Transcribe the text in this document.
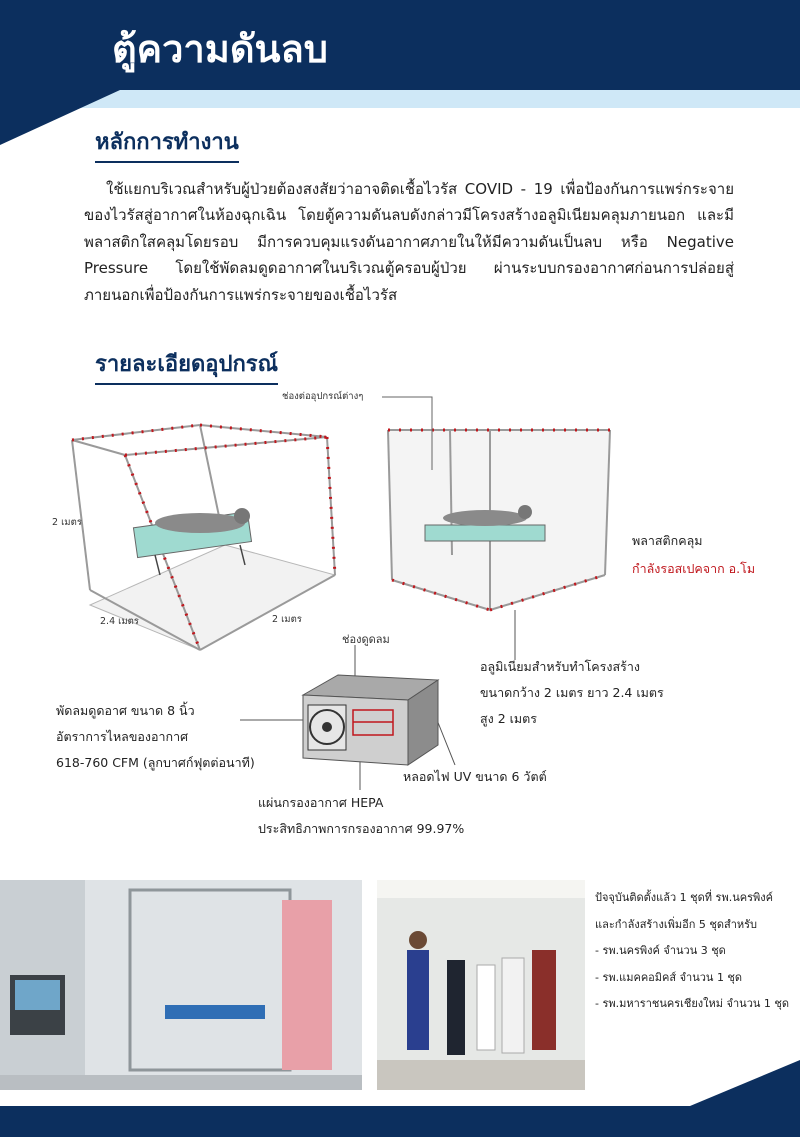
ตู้ความดันลบ
หลักการทำงาน
ใช้แยกบริเวณสำหรับผู้ป่วยต้องสงสัยว่าอาจติดเชื้อไวรัส COVID - 19 เพื่อป้องกันการแพร่กระจายของไวรัสสู่อากาศในห้องฉุกเฉิน โดยตู้ความดันลบดังกล่าวมีโครงสร้างอลูมิเนียมคลุมภายนอก และมีพลาสติกใสคลุมโดยรอบ มีการควบคุมแรงดันอากาศภายในให้มีความดันเป็นลบ หรือ Negative Pressure โดยใช้พัดลมดูดอากาศในบริเวณตู้ครอบผู้ป่วย ผ่านระบบกรองอากาศก่อนการปล่อยสู่ภายนอกเพื่อป้องกันการแพร่กระจายของเชื้อไวรัส
รายละเอียดอุปกรณ์
2 เมตร
2.4 เมตร	2 เมตร
ช่องต่ออุปกรณ์ต่างๆ
พลาสติกคลุม
กำลังรอสเปคจาก อ.โม
ช่องดูดลม
อลูมิเนียมสำหรับทำโครงสร้าง
ขนาดกว้าง 2 เมตร ยาว 2.4 เมตร
สูง 2 เมตร
พัดลมดูดอาศ ขนาด 8 นิ้ว
อัตราการไหลของอากาศ
618-760 CFM (ลูกบาศก์ฟุตต่อนาที)
หลอดไฟ UV ขนาด 6 วัตต์
แผ่นกรองอากาศ HEPA
ประสิทธิภาพการกรองอากาศ 99.97%
ปัจจุบันติดตั้งแล้ว 1 ชุดที่ รพ.นครพิงค์
และกำลังสร้างเพิ่มอีก 5 ชุดสำหรับ
- รพ.นครพิงค์ จำนวน 3 ชุด
- รพ.แมคคอมิคส์ จำนวน 1 ชุด
- รพ.มหาราชนครเชียงใหม่ จำนวน 1 ชุด
